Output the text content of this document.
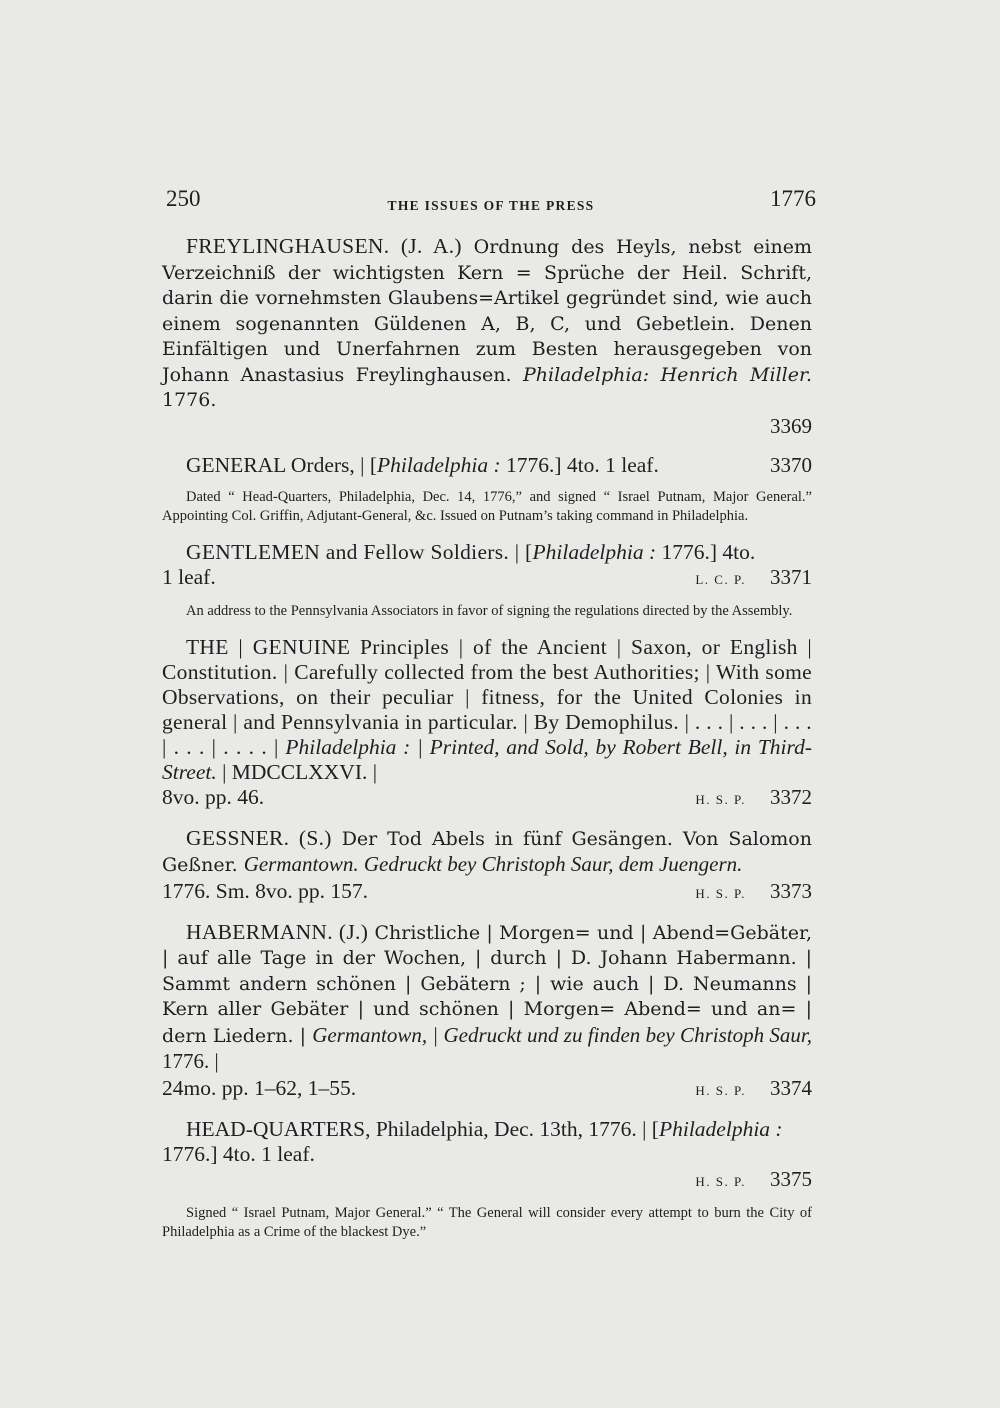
250	THE ISSUES OF THE PRESS	1776

FREYLINGHAUSEN. (J. A.) Ordnung des Heyls, nebst einem Verzeichniß der wichtigsten Kern = Sprüche der Heil. Schrift, darin die vornehmsten Glaubens=Artikel gegründet sind, wie auch einem sogenannten Güldenen A, B, C, und Gebetlein. Denen Einfältigen und Unerfahrnen zum Besten herausgegeben von Johann Anastasius Freylinghausen. Philadelphia: Henrich Miller. 1776.

3369
GENERAL Orders, | [Philadelphia : 1776.] 4to. 1 leaf.	3370

Dated “ Head-Quarters, Philadelphia, Dec. 14, 1776,” and signed “ Israel Putnam, Major General.” Appointing Col. Griffin, Adjutant-General, &c. Issued on Putnam’s taking command in Philadelphia.

GENTLEMEN and Fellow Soldiers. | [Philadelphia : 1776.] 4to.

1 leaf.	L. C. P. 3371

An address to the Pennsylvania Associators in favor of signing the regulations directed by the Assembly.

THE | GENUINE Principles | of the Ancient | Saxon, or English | Constitution. | Carefully collected from the best Authorities; | With some Observations, on their peculiar | fitness, for the United Colonies in general | and Pennsylvania in particular. | By Demophilus. | . . . | . . . | . . . | . . . | . . . . | Philadelphia : | Printed, and Sold, by Robert Bell, in Third-Street. | MDCCLXXVI. |

8vo. pp. 46.	H. S. P. 3372

GESSNER. (S.) Der Tod Abels in fünf Gesängen. Von Salomon Geßner. Germantown. Gedruckt bey Christoph Saur, dem Juengern.

1776. Sm. 8vo. pp. 157.	H. S. P. 3373

HABERMANN. (J.) Christliche | Morgen= und | Abend=Gebäter, | auf alle Tage in der Wochen, | durch | D. Johann Habermann. | Sammt andern schönen | Gebätern ; | wie auch | D. Neumanns | Kern aller Gebäter | und schönen | Morgen= Abend= und an= | dern Liedern. | Germantown, | Gedruckt und zu finden bey Christoph Saur, 1776. |

24mo. pp. 1–62, 1–55.	H. S. P. 3374
HEAD-QUARTERS, Philadelphia, Dec. 13th, 1776. | [Philadelphia : 1776.] 4to. 1 leaf.
H. S. P. 3375

Signed “ Israel Putnam, Major General.” “ The General will consider every attempt to burn the City of Philadelphia as a Crime of the blackest Dye.”
